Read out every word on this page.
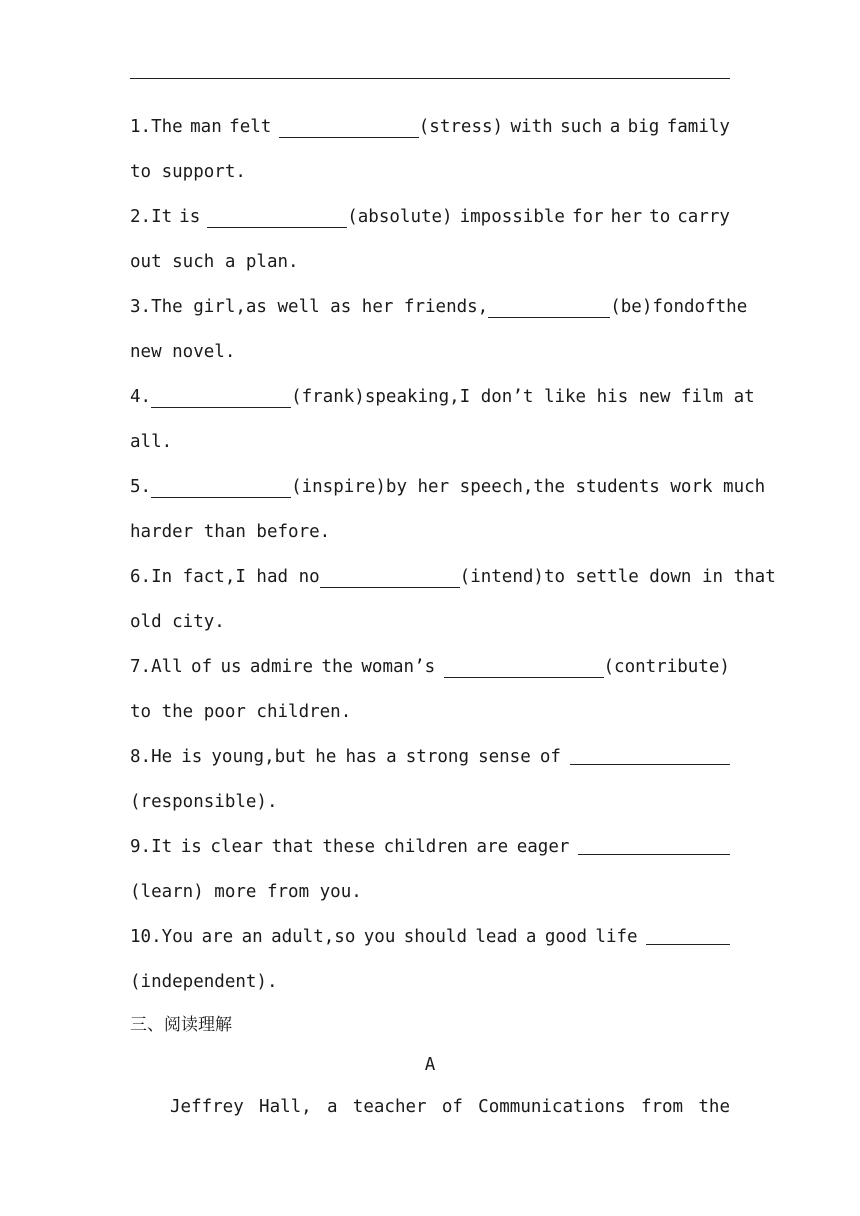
1.The man felt	(stress) with such a big family
to support.
2.It is	(absolute) impossible for her to carry
out such a plan.
3.The girl,as well as her friends,	(be) fond of the
new novel.
4.	(frank) speaking,I don’t like his new film at
all.
5.	(inspire) by her speech,the students work much
harder than before.
6.In fact,I had no	(intend) to settle down in that
old city.
7.All of us admire the woman’s	(contribute)
to the poor children.
8.He is young,but he has a strong sense of
(responsible).
9.It is clear that these children are eager
(learn) more from you.
10.You are an adult,so you should lead a good life
(independent).
三、阅读理解
A
Jeffrey Hall, a teacher of Communications from the
